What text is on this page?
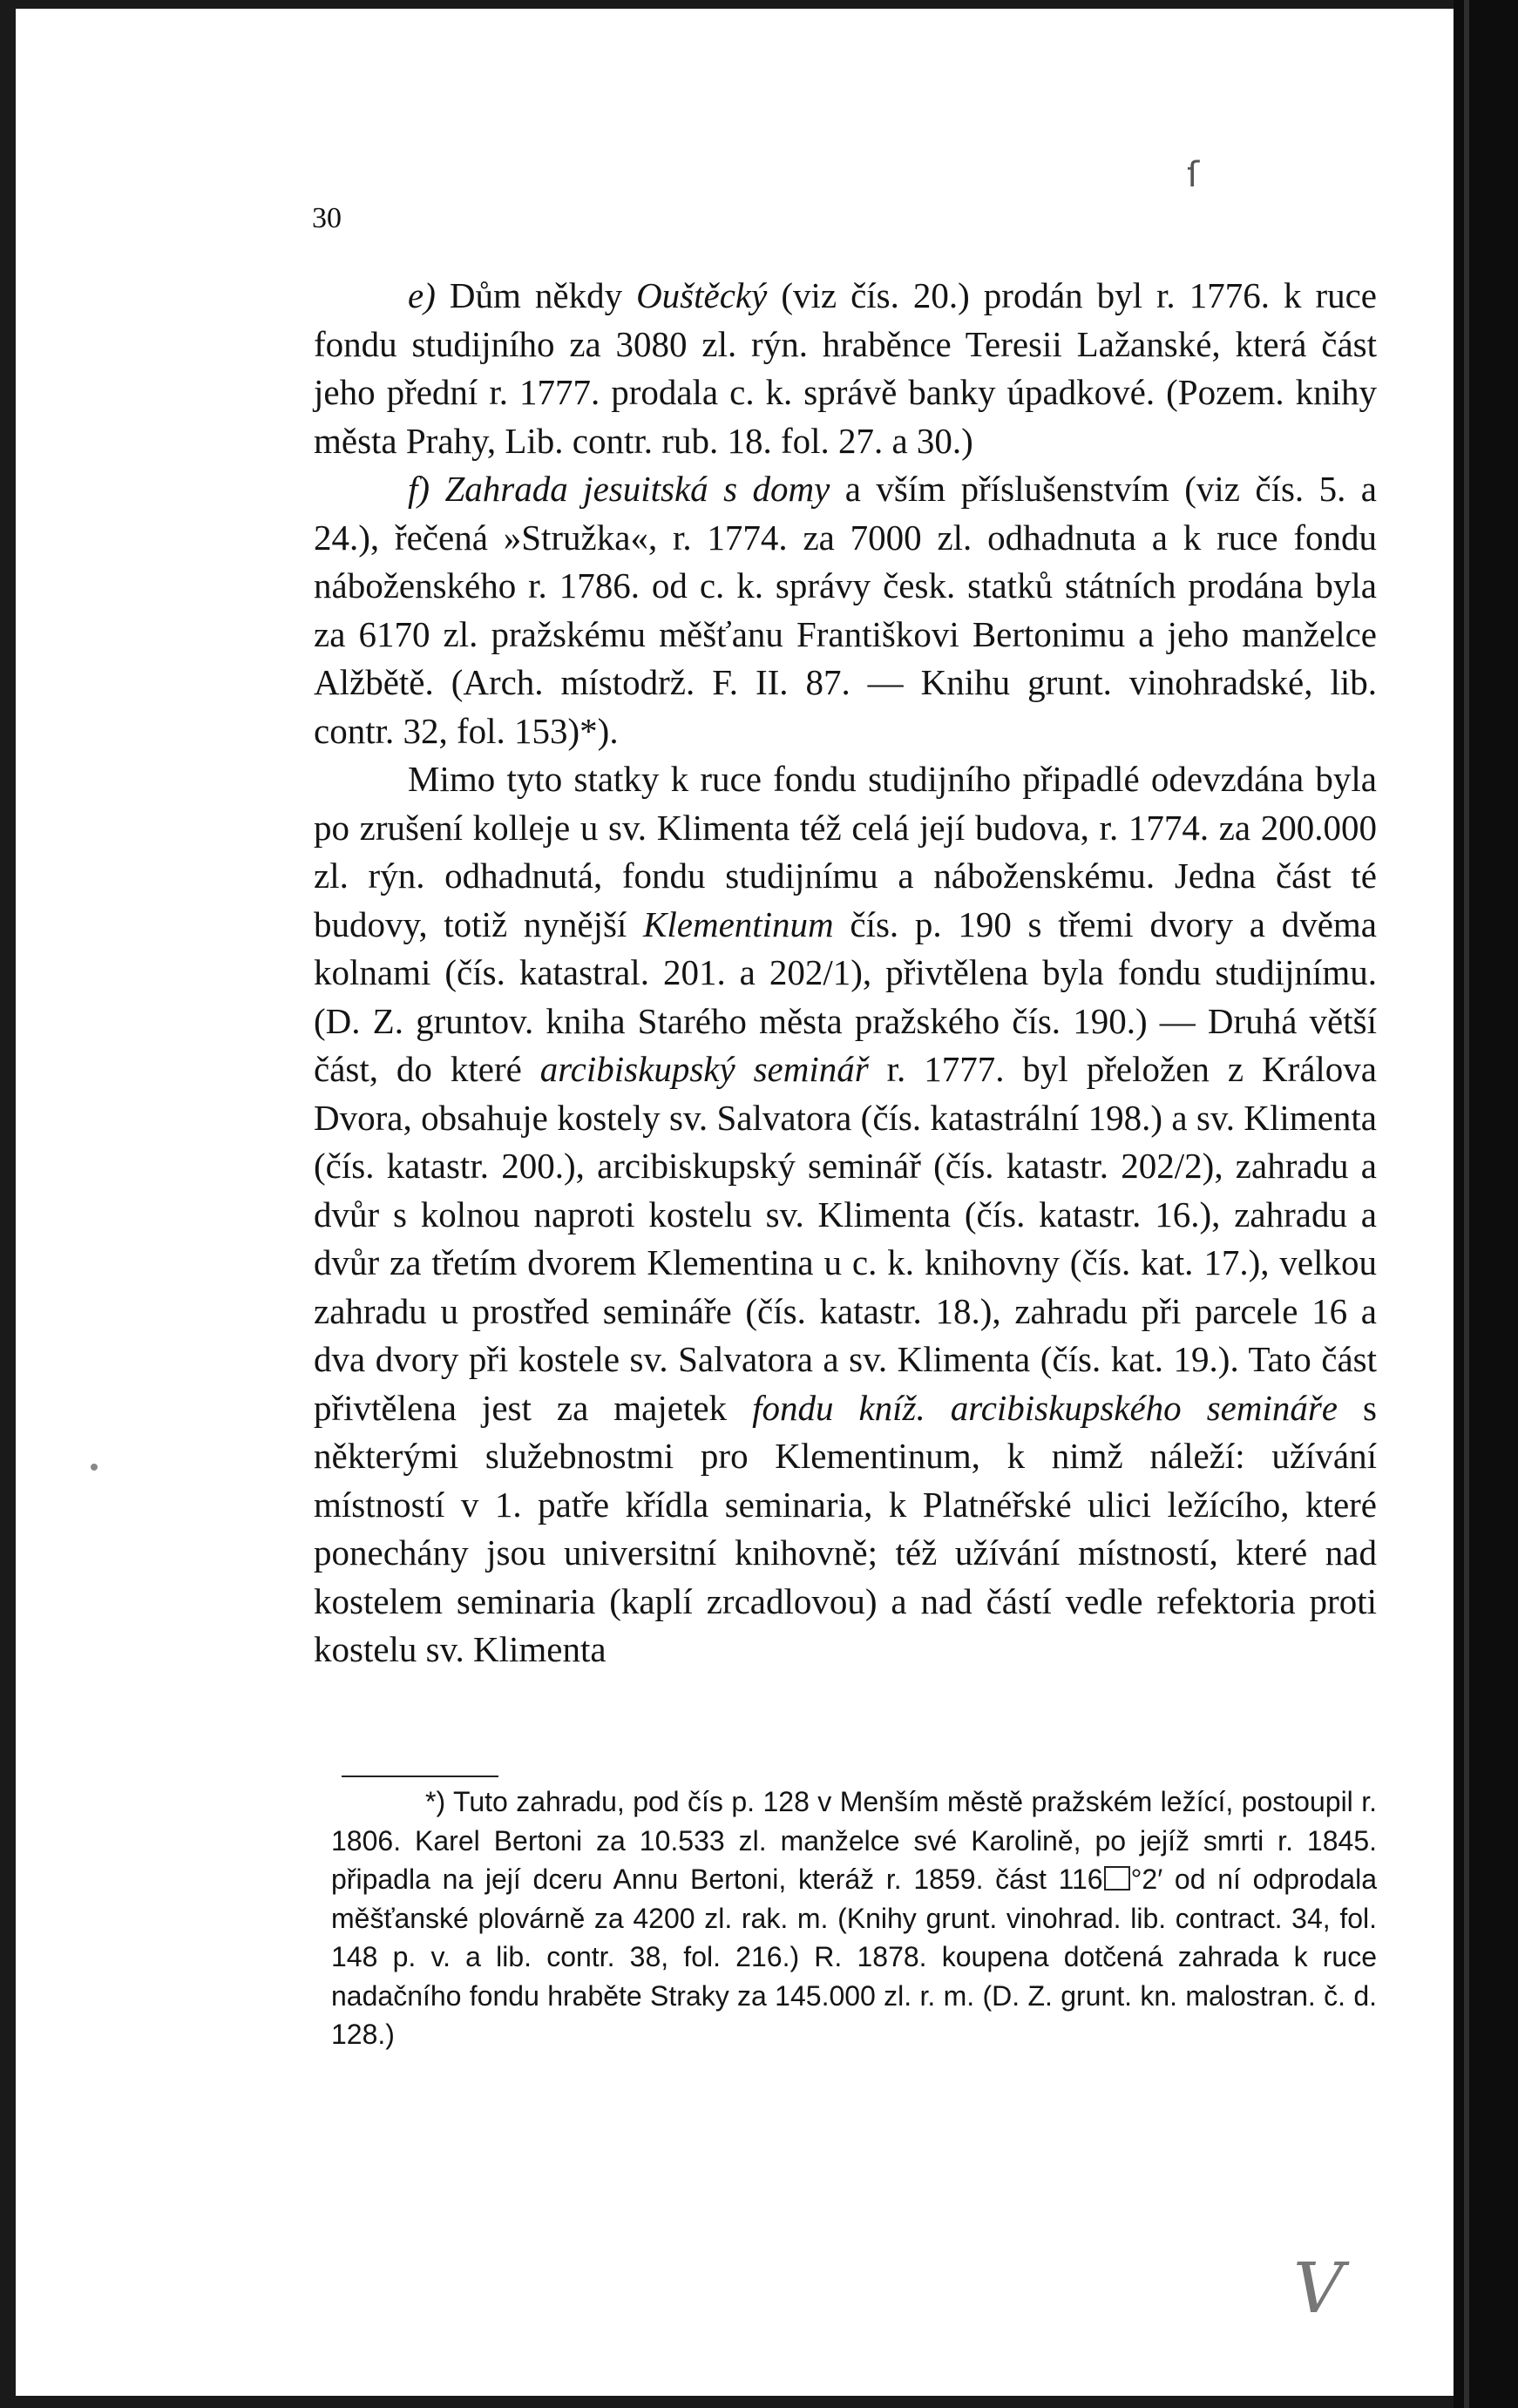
ſ
V
30

e) Dům někdy Ouštěcký (viz čís. 20.) prodán byl r. 1776. k ruce fondu studijního za 3080 zl. rýn. hraběnce Teresii Lažanské, která část jeho přední r. 1777. prodala c. k. správě banky úpadkové. (Pozem. knihy města Prahy, Lib. contr. rub. 18. fol. 27. a 30.)

f) Zahrada jesuitská s domy a vším příslušenstvím (viz čís. 5. a 24.), řečená »Stružka«, r. 1774. za 7000 zl. odhadnuta a k ruce fondu náboženského r. 1786. od c. k. správy česk. statků státních prodána byla za 6170 zl. pražskému měšťanu Františkovi Bertonimu a jeho manželce Alžbětě. (Arch. místodrž. F. II. 87. — Knihu grunt. vinohradské, lib. contr. 32, fol. 153)*).

Mimo tyto statky k ruce fondu studijního připadlé odevzdána byla po zrušení kolleje u sv. Klimenta též celá její budova, r. 1774. za 200.000 zl. rýn. odhadnutá, fondu studijnímu a náboženskému. Jedna část té budovy, totiž nynější Klementinum čís. p. 190 s třemi dvory a dvěma kolnami (čís. katastral. 201. a 202/1), přivtělena byla fondu studijnímu. (D. Z. gruntov. kniha Starého města pražského čís. 190.) — Druhá větší část, do které arcibiskupský seminář r. 1777. byl přeložen z Králova Dvora, obsahuje kostely sv. Salvatora (čís. katastrální 198.) a sv. Klimenta (čís. katastr. 200.), arcibiskupský seminář (čís. katastr. 202/2), zahradu a dvůr s kolnou naproti kostelu sv. Klimenta (čís. katastr. 16.), zahradu a dvůr za třetím dvorem Klementina u c. k. knihovny (čís. kat. 17.), velkou zahradu u prostřed semináře (čís. katastr. 18.), zahradu při parcele 16 a dva dvory při kostele sv. Salvatora a sv. Klimenta (čís. kat. 19.). Tato část přivtělena jest za majetek fondu kníž. arcibiskupského semináře s některými služebnostmi pro Klementinum, k nimž náleží: užívání místností v 1. patře křídla seminaria, k Platnéřské ulici ležícího, které ponechány jsou universitní knihovně; též užívání místností, které nad kostelem seminaria (kaplí zrcadlovou) a nad částí vedle refektoria proti kostelu sv. Klimenta

*) Tuto zahradu, pod čís p. 128 v Menším městě pražském ležící, postoupil r. 1806. Karel Bertoni za 10.533 zl. manželce své Karolině, po jejíž smrti r. 1845. připadla na její dceru Annu Bertoni, kteráž r. 1859. část 116 °2′ od ní odprodala měšťanské plovárně za 4200 zl. rak. m. (Knihy grunt. vinohrad. lib. contract. 34, fol. 148 p. v. a lib. contr. 38, fol. 216.) R. 1878. koupena dotčená zahrada k ruce nadačního fondu hraběte Straky za 145.000 zl. r. m. (D. Z. grunt. kn. malostran. č. d. 128.)
